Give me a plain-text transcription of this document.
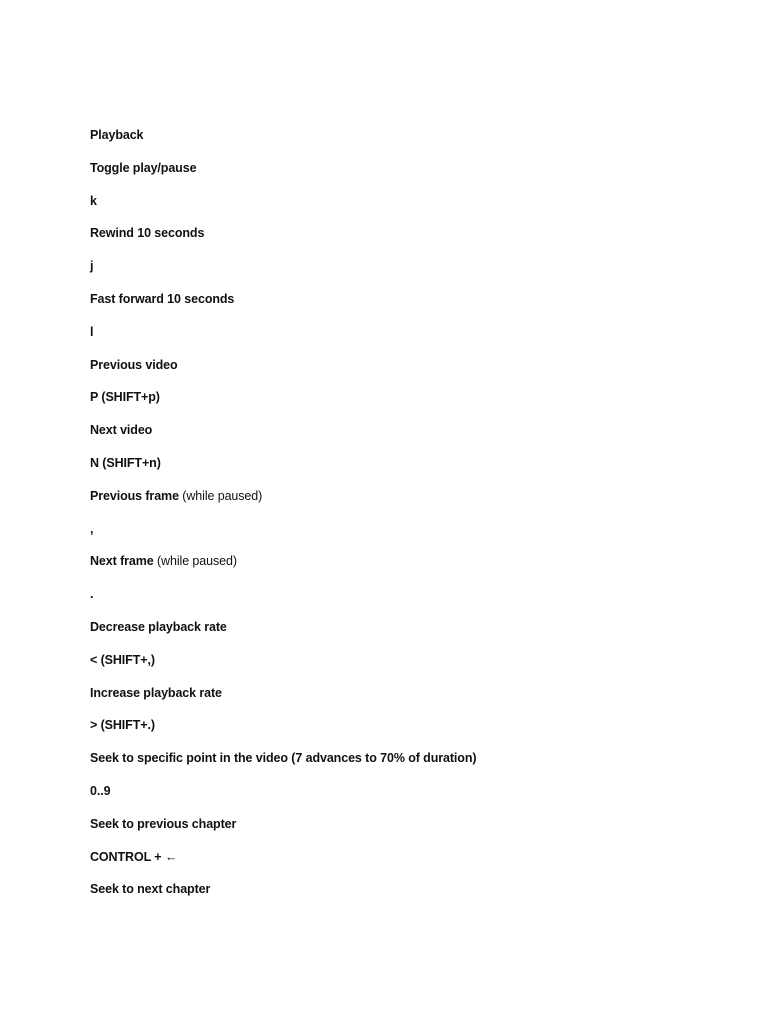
Playback
Toggle play/pause
k
Rewind 10 seconds
j
Fast forward 10 seconds
l
Previous video
P (SHIFT+p)
Next video
N (SHIFT+n)
Previous frame (while paused)
,
Next frame (while paused)
.
Decrease playback rate
< (SHIFT+,)
Increase playback rate
> (SHIFT+.)
Seek to specific point in the video (7 advances to 70% of duration)
0..9
Seek to previous chapter
CONTROL + ←
Seek to next chapter
